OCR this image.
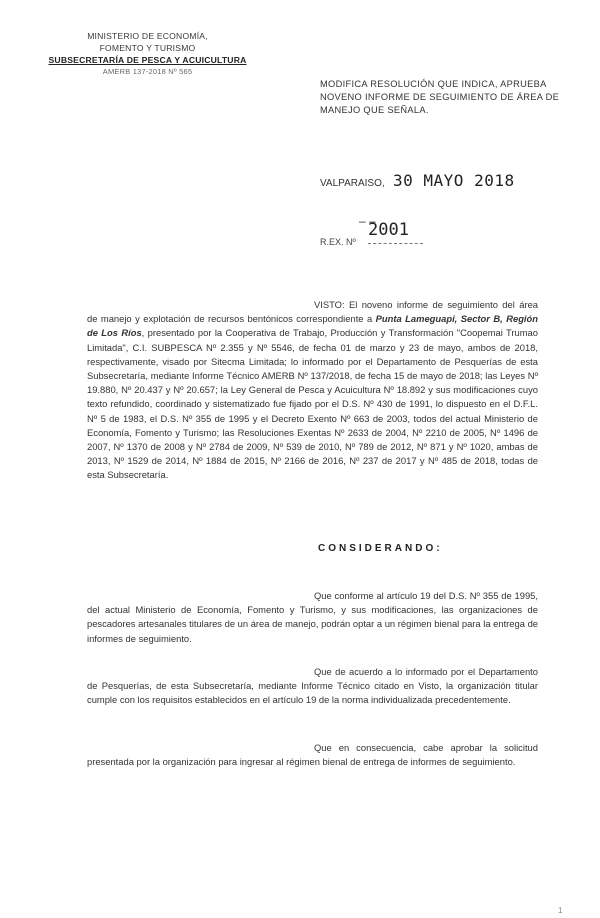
MINISTERIO DE ECONOMÍA,
FOMENTO Y TURISMO
SUBSECRETARÍA DE PESCA Y ACUICULTURA
AMERB 137-2018 Nº 565
MODIFICA RESOLUCIÓN QUE INDICA, APRUEBA NOVENO INFORME DE SEGUIMIENTO DE ÁREA DE MANEJO QUE SEÑALA.
VALPARAISO, 30 MAYO 2018
– –
2001
R.EX. Nº
VISTO: El noveno informe de seguimiento del área de manejo y explotación de recursos bentónicos correspondiente a Punta Lameguapi, Sector B, Región de Los Ríos, presentado por la Cooperativa de Trabajo, Producción y Transformación "Coopemai Trumao Limitada", C.I. SUBPESCA Nº 2.355 y Nº 5546, de fecha 01 de marzo y 23 de mayo, ambos de 2018, respectivamente, visado por Sitecma Limitada; lo informado por el Departamento de Pesquerías de esta Subsecretaría, mediante Informe Técnico AMERB Nº 137/2018, de fecha 15 de mayo de 2018; las Leyes Nº 19.880, Nº 20.437 y Nº 20.657; la Ley General de Pesca y Acuicultura Nº 18.892 y sus modificaciones cuyo texto refundido, coordinado y sistematizado fue fijado por el D.S. Nº 430 de 1991, lo dispuesto en el D.F.L. Nº 5 de 1983, el D.S. Nº 355 de 1995 y el Decreto Exento Nº 663 de 2003, todos del actual Ministerio de Economía, Fomento y Turismo; las Resoluciones Exentas Nº 2633 de 2004, Nº 2210 de 2005, Nº 1496 de 2007, Nº 1370 de 2008 y Nº 2784 de 2009, Nº 539 de 2010, Nº 789 de 2012, Nº 871 y Nº 1020, ambas de 2013, Nº 1529 de 2014, Nº 1884 de 2015, Nº 2166 de 2016, Nº 237 de 2017 y Nº 485 de 2018, todas de esta Subsecretaría.
CONSIDERANDO:
Que conforme al artículo 19 del D.S. Nº 355 de 1995, del actual Ministerio de Economía, Fomento y Turismo, y sus modificaciones, las organizaciones de pescadores artesanales titulares de un área de manejo, podrán optar a un régimen bienal para la entrega de informes de seguimiento.
Que de acuerdo a lo informado por el Departamento de Pesquerías, de esta Subsecretaría, mediante Informe Técnico citado en Visto, la organización titular cumple con los requisitos establecidos en el artículo 19 de la norma individualizada precedentemente.
Que en consecuencia, cabe aprobar la solicitud presentada por la organización para ingresar al régimen bienal de entrega de informes de seguimiento.
1
